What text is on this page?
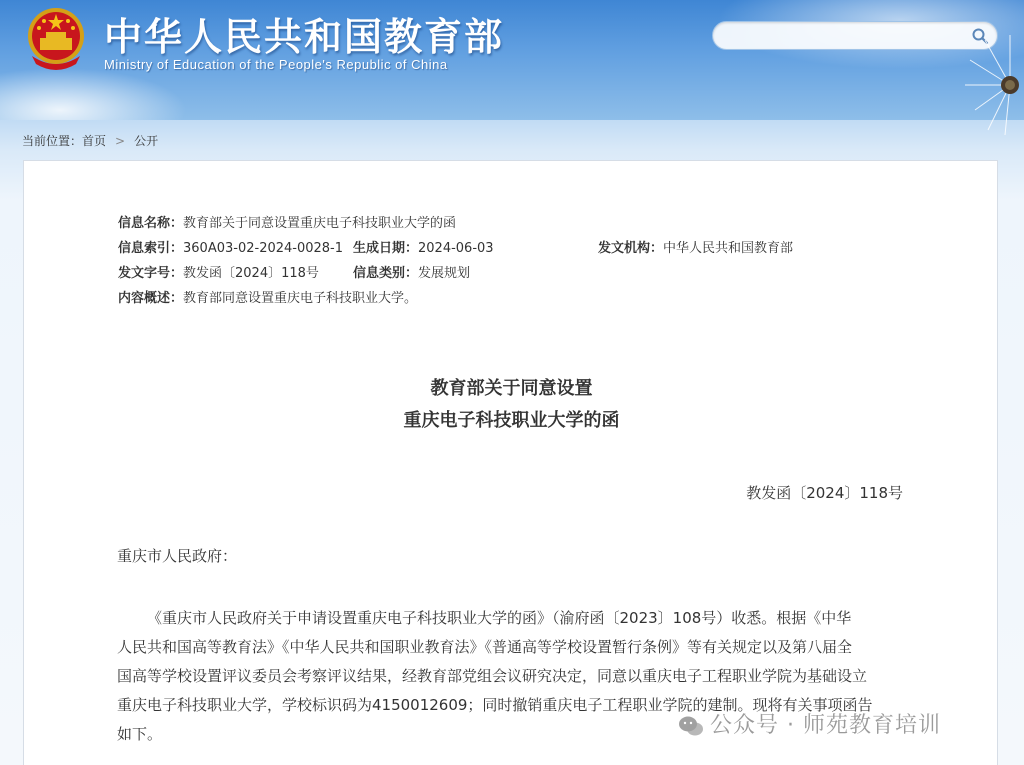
中华人民共和国教育部
Ministry of Education of the People's Republic of China
当前位置：首页 > 公开
信息名称：教育部关于同意设置重庆电子科技职业大学的函
信息索引：360A03-02-2024-0028-1 生成日期：2024-06-03	发文机构：中华人民共和国教育部
发文字号：教发函〔2024〕118号	信息类别：发展规划
内容概述：教育部同意设置重庆电子科技职业大学。
教育部关于同意设置
重庆电子科技职业大学的函
教发函〔2024〕118号
重庆市人民政府：
《重庆市人民政府关于申请设置重庆电子科技职业大学的函》（渝府函〔2023〕108号）收悉。根据《中华
人民共和国高等教育法》《中华人民共和国职业教育法》《普通高等学校设置暂行条例》等有关规定以及第八届全
国高等学校设置评议委员会考察评议结果，经教育部党组会议研究决定，同意以重庆电子工程职业学院为基础设立
重庆电子科技职业大学，学校标识码为4150012609；同时撤销重庆电子工程职业学院的建制。现将有关事项函告
如下。	公众号 · 师苑教育培训
